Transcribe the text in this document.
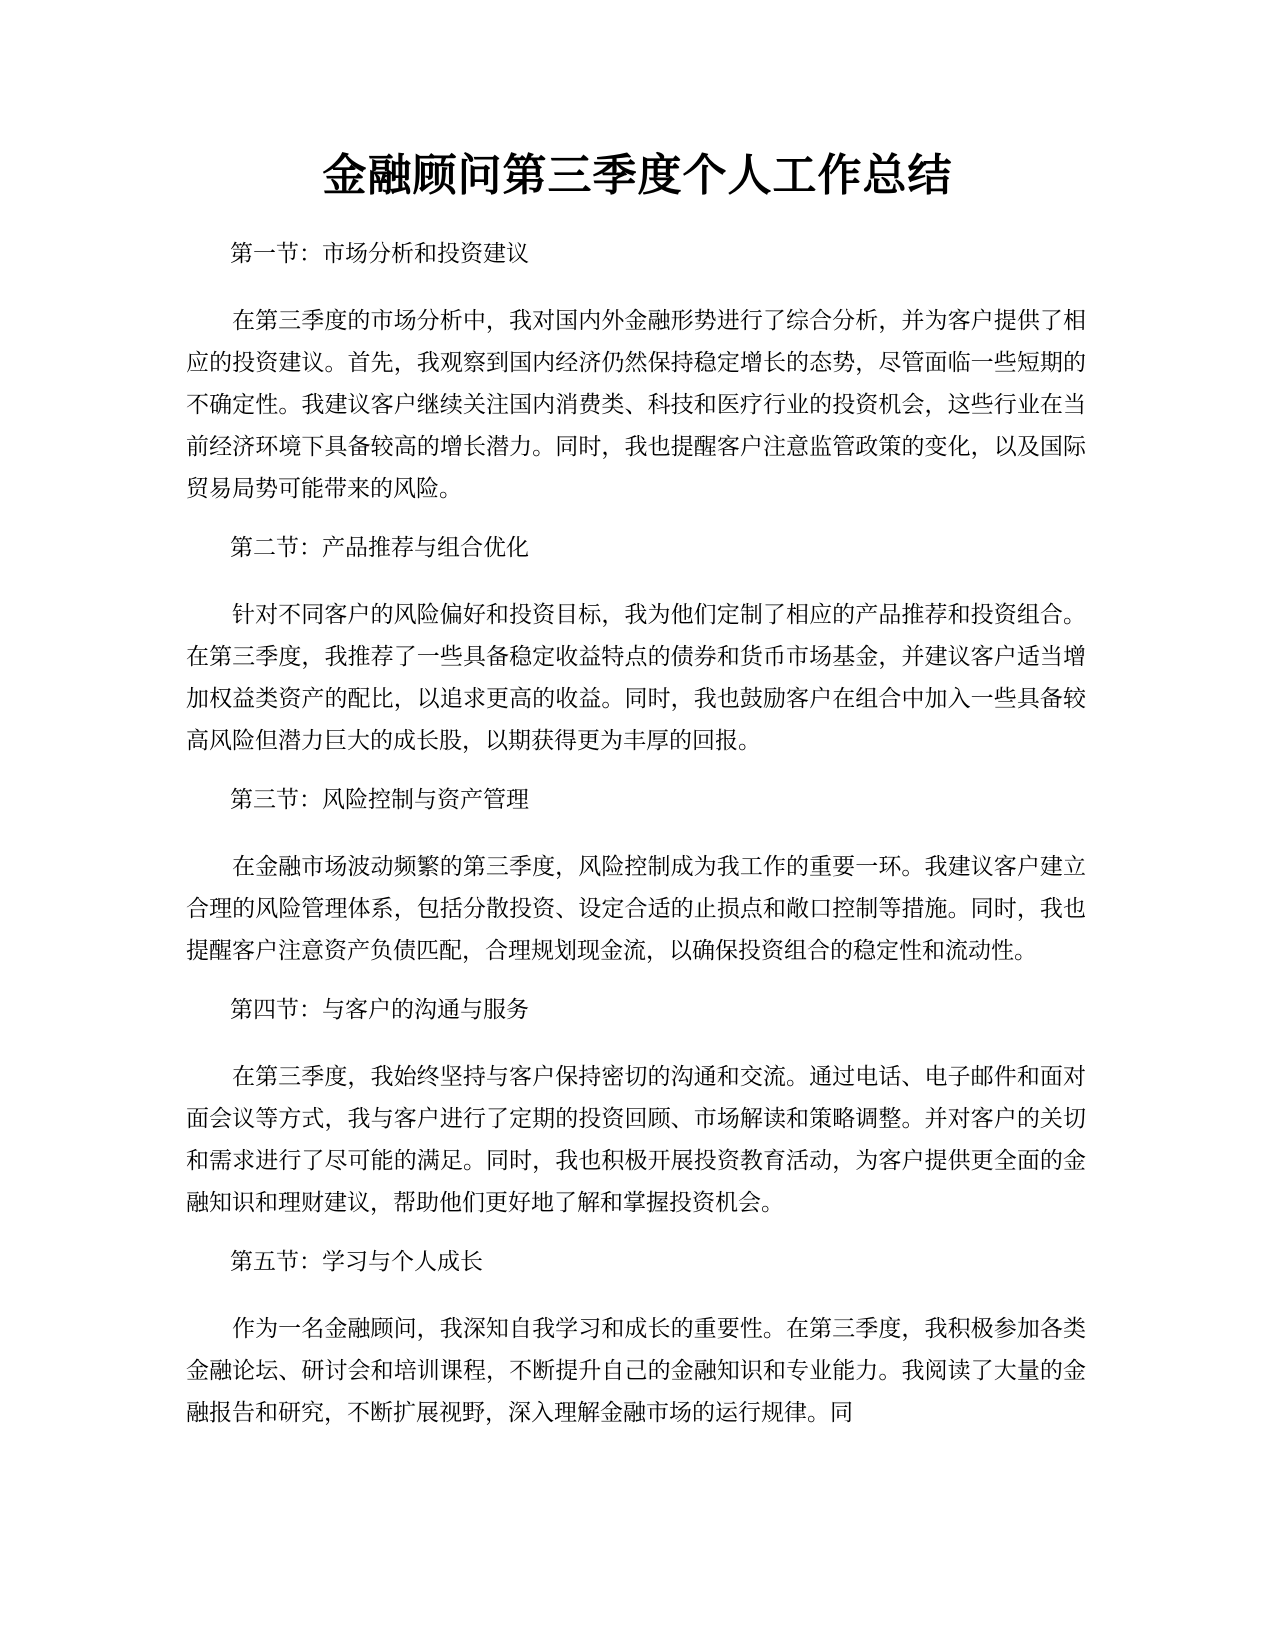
金融顾问第三季度个人工作总结

第一节：市场分析和投资建议

在第三季度的市场分析中，我对国内外金融形势进行了综合分析，并为客户提供了相应的投资建议。首先，我观察到国内经济仍然保持稳定增长的态势，尽管面临一些短期的不确定性。我建议客户继续关注国内消费类、科技和医疗行业的投资机会，这些行业在当前经济环境下具备较高的增长潜力。同时，我也提醒客户注意监管政策的变化，以及国际贸易局势可能带来的风险。

第二节：产品推荐与组合优化

针对不同客户的风险偏好和投资目标，我为他们定制了相应的产品推荐和投资组合。在第三季度，我推荐了一些具备稳定收益特点的债券和货币市场基金，并建议客户适当增加权益类资产的配比，以追求更高的收益。同时，我也鼓励客户在组合中加入一些具备较高风险但潜力巨大的成长股，以期获得更为丰厚的回报。

第三节：风险控制与资产管理

在金融市场波动频繁的第三季度，风险控制成为我工作的重要一环。我建议客户建立合理的风险管理体系，包括分散投资、设定合适的止损点和敞口控制等措施。同时，我也提醒客户注意资产负债匹配，合理规划现金流，以确保投资组合的稳定性和流动性。

第四节：与客户的沟通与服务

在第三季度，我始终坚持与客户保持密切的沟通和交流。通过电话、电子邮件和面对面会议等方式，我与客户进行了定期的投资回顾、市场解读和策略调整。并对客户的关切和需求进行了尽可能的满足。同时，我也积极开展投资教育活动，为客户提供更全面的金融知识和理财建议，帮助他们更好地了解和掌握投资机会。

第五节：学习与个人成长

作为一名金融顾问，我深知自我学习和成长的重要性。在第三季度，我积极参加各类金融论坛、研讨会和培训课程，不断提升自己的金融知识和专业能力。我阅读了大量的金融报告和研究，不断扩展视野，深入理解金融市场的运行规律。同
